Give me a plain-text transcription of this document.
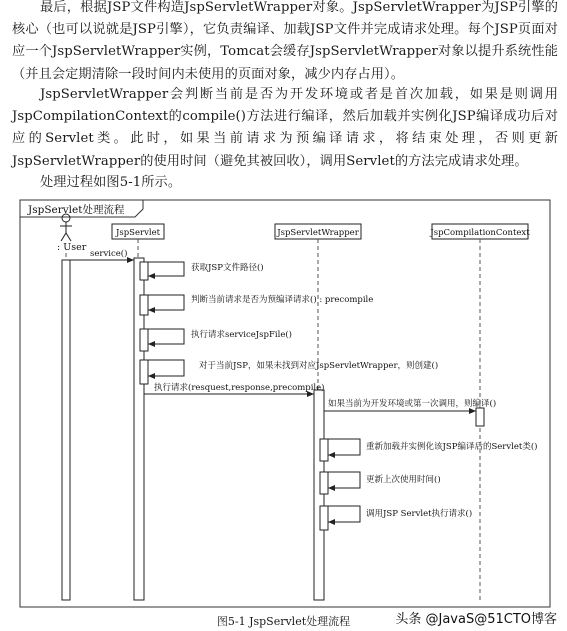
最后，根据JSP文件构造JspServletWrapper对象。JspServletWrapper为JSP引擎的核心（也可以说就是JSP引擎），它负责编译、加载JSP文件并完成请求处理。每个JSP页面对应一个JspServletWrapper实例，Tomcat会缓存JspServletWrapper对象以提升系统性能（并且会定期清除一段时间内未使用的页面对象，减少内存占用）。
JspServletWrapper会判断当前是否为开发环境或者是首次加载，如果是则调用JspCompilationContext的compile()方法进行编译，然后加载并实例化JSP编译成功后对应的Servlet类。此时，如果当前请求为预编译请求，将结束处理，否则更新JspServletWrapper的使用时间（避免其被回收），调用Servlet的方法完成请求处理。
处理过程如图5-1所示。
JspServlet处理流程
: User
JspServlet	JspServletWrapper	JspCompilationContext
service()
获取JSP文件路径()
判断当前请求是否为预编译请求() : precompile
执行请求serviceJspFile()
对于当前JSP，如果未找到对应JspServletWrapper，则创建()
执行请求(resquest,response,precompile)
如果当前为开发环境或第一次调用，则编译()
重新加载并实例化该JSP编译后的Servlet类()
更新上次使用时间()
调用JSP Servlet执行请求()
图5-1 JspServlet处理流程	头条 @JavaS@51CTO博客
